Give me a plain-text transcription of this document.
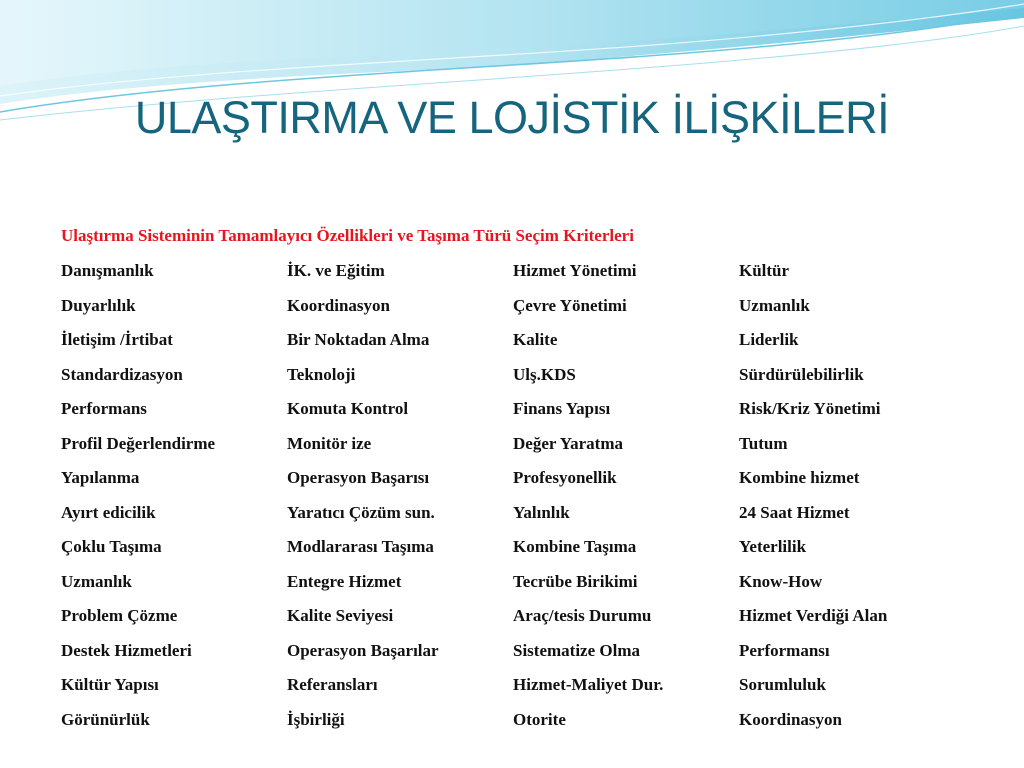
ULAŞTIRMA VE LOJİSTİK İLİŞKİLERİ
Ulaştırma Sisteminin Tamamlayıcı Özellikleri ve Taşıma Türü Seçim Kriterleri
Danışmanlık	İK. ve Eğitim	Hizmet Yönetimi	Kültür
Duyarlılık	Koordinasyon	Çevre Yönetimi	Uzmanlık
İletişim /İrtibat	Bir Noktadan Alma	Kalite	Liderlik
Standardizasyon	Teknoloji	Ulş.KDS	Sürdürülebilirlik
Performans	Komuta Kontrol	Finans Yapısı	Risk/Kriz Yönetimi
Profil Değerlendirme	Monitör ize	Değer Yaratma	Tutum
Yapılanma	Operasyon Başarısı	Profesyonellik	Kombine hizmet
Ayırt edicilik	Yaratıcı Çözüm sun.	Yalınlık	24 Saat Hizmet
Çoklu Taşıma	Modlararası Taşıma	Kombine Taşıma	Yeterlilik
Uzmanlık	Entegre Hizmet	Tecrübe Birikimi	Know-How
Problem Çözme	Kalite Seviyesi	Araç/tesis Durumu	Hizmet Verdiği Alan
Destek Hizmetleri	Operasyon Başarılar	Sistematize Olma	Performansı
Kültür Yapısı	Referansları	Hizmet-Maliyet Dur.	Sorumluluk
Görünürlük	İşbirliği	Otorite	Koordinasyon
